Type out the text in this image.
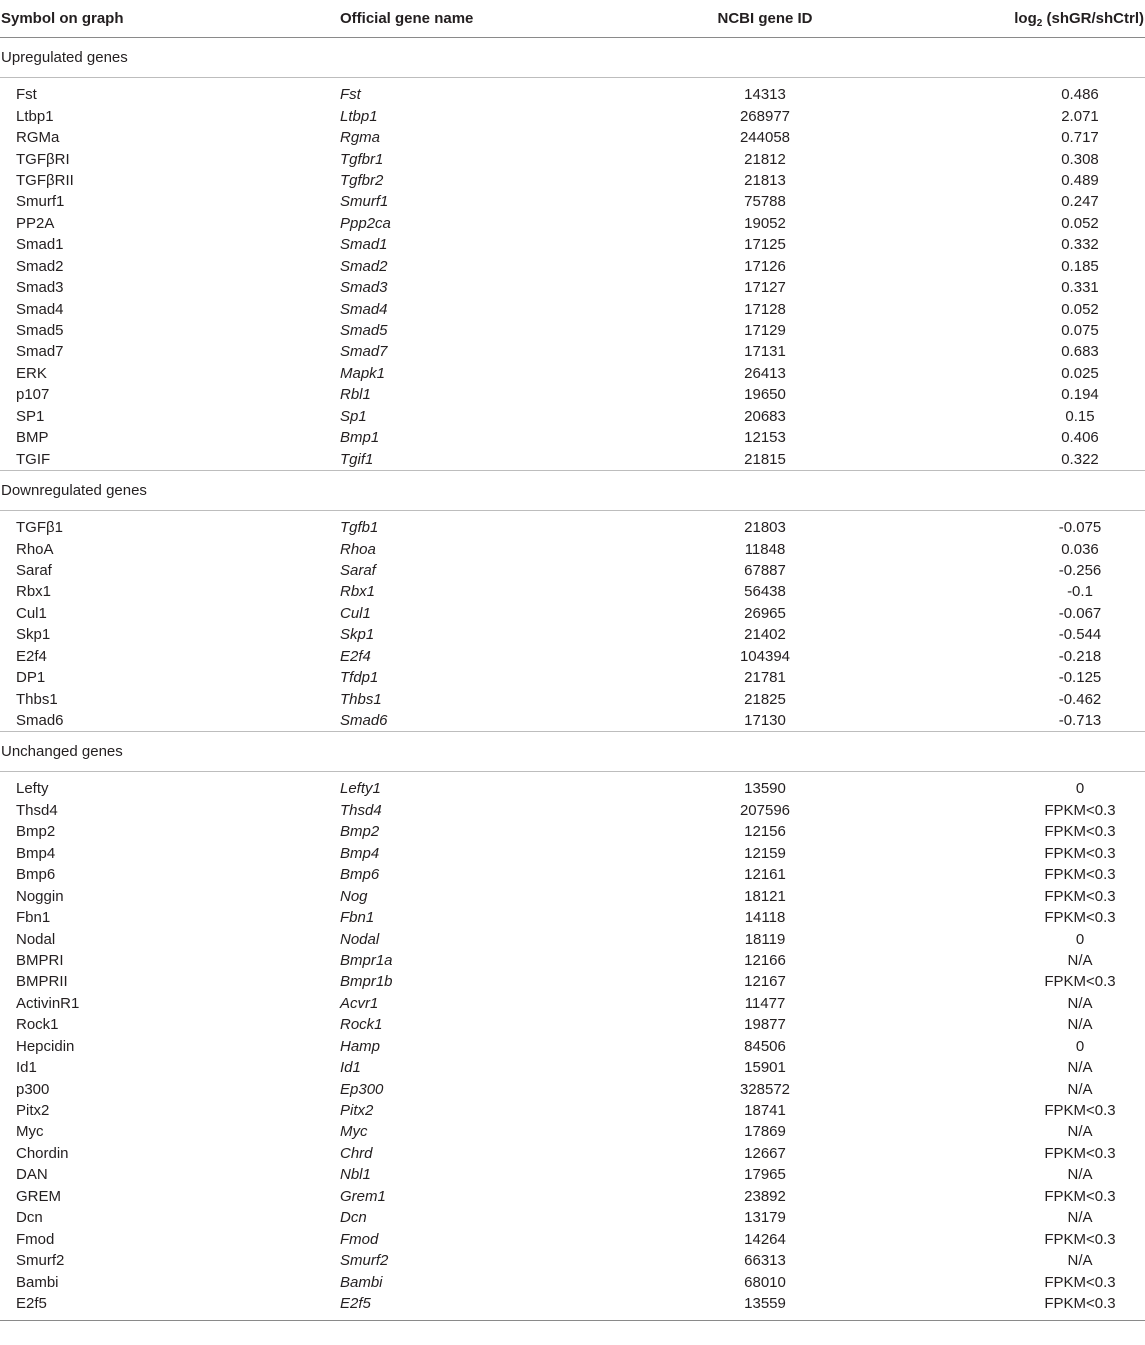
Symbol on graph	Official gene name	NCBI gene ID	$\log_2$ (shGR/shCtrl)
Upregulated genes			
Fst	Fst	14313	0.486
Ltbp1	Ltbp1	268977	2.071
RGMa	Rgma	244058	0.717
TGFβRI	Tgfbr1	21812	0.308
TGFβRII	Tgfbr2	21813	0.489
Smurf1	Smurf1	75788	0.247
PP2A	Ppp2ca	19052	0.052
Smad1	Smad1	17125	0.332
Smad2	Smad2	17126	0.185
Smad3	Smad3	17127	0.331
Smad4	Smad4	17128	0.052
Smad5	Smad5	17129	0.075
Smad7	Smad7	17131	0.683
ERK	Mapk1	26413	0.025
p107	Rbl1	19650	0.194
SP1	Sp1	20683	0.15
BMP	Bmp1	12153	0.406
TGIF	Tgif1	21815	0.322
Downregulated genes			
TGFβ1	Tgfb1	21803	-0.075
RhoA	Rhoa	11848	0.036
Saraf	Saraf	67887	-0.256
Rbx1	Rbx1	56438	-0.1
Cul1	Cul1	26965	-0.067
Skp1	Skp1	21402	-0.544
E2f4	E2f4	104394	-0.218
DP1	Tfdp1	21781	-0.125
Thbs1	Thbs1	21825	-0.462
Smad6	Smad6	17130	-0.713
Unchanged genes			
Lefty	Lefty1	13590	0
Thsd4	Thsd4	207596	FPKM<0.3
Bmp2	Bmp2	12156	FPKM<0.3
Bmp4	Bmp4	12159	FPKM<0.3
Bmp6	Bmp6	12161	FPKM<0.3
Noggin	Nog	18121	FPKM<0.3
Fbn1	Fbn1	14118	FPKM<0.3
Nodal	Nodal	18119	0
BMPRI	Bmpr1a	12166	N/A
BMPRII	Bmpr1b	12167	FPKM<0.3
ActivinR1	Acvr1	11477	N/A
Rock1	Rock1	19877	N/A
Hepcidin	Hamp	84506	0
Id1	Id1	15901	N/A
p300	Ep300	328572	N/A
Pitx2	Pitx2	18741	FPKM<0.3
Myc	Myc	17869	N/A
Chordin	Chrd	12667	FPKM<0.3
DAN	Nbl1	17965	N/A
GREM	Grem1	23892	FPKM<0.3
Dcn	Dcn	13179	N/A
Fmod	Fmod	14264	FPKM<0.3
Smurf2	Smurf2	66313	N/A
Bambi	Bambi	68010	FPKM<0.3
E2f5	E2f5	13559	FPKM<0.3
